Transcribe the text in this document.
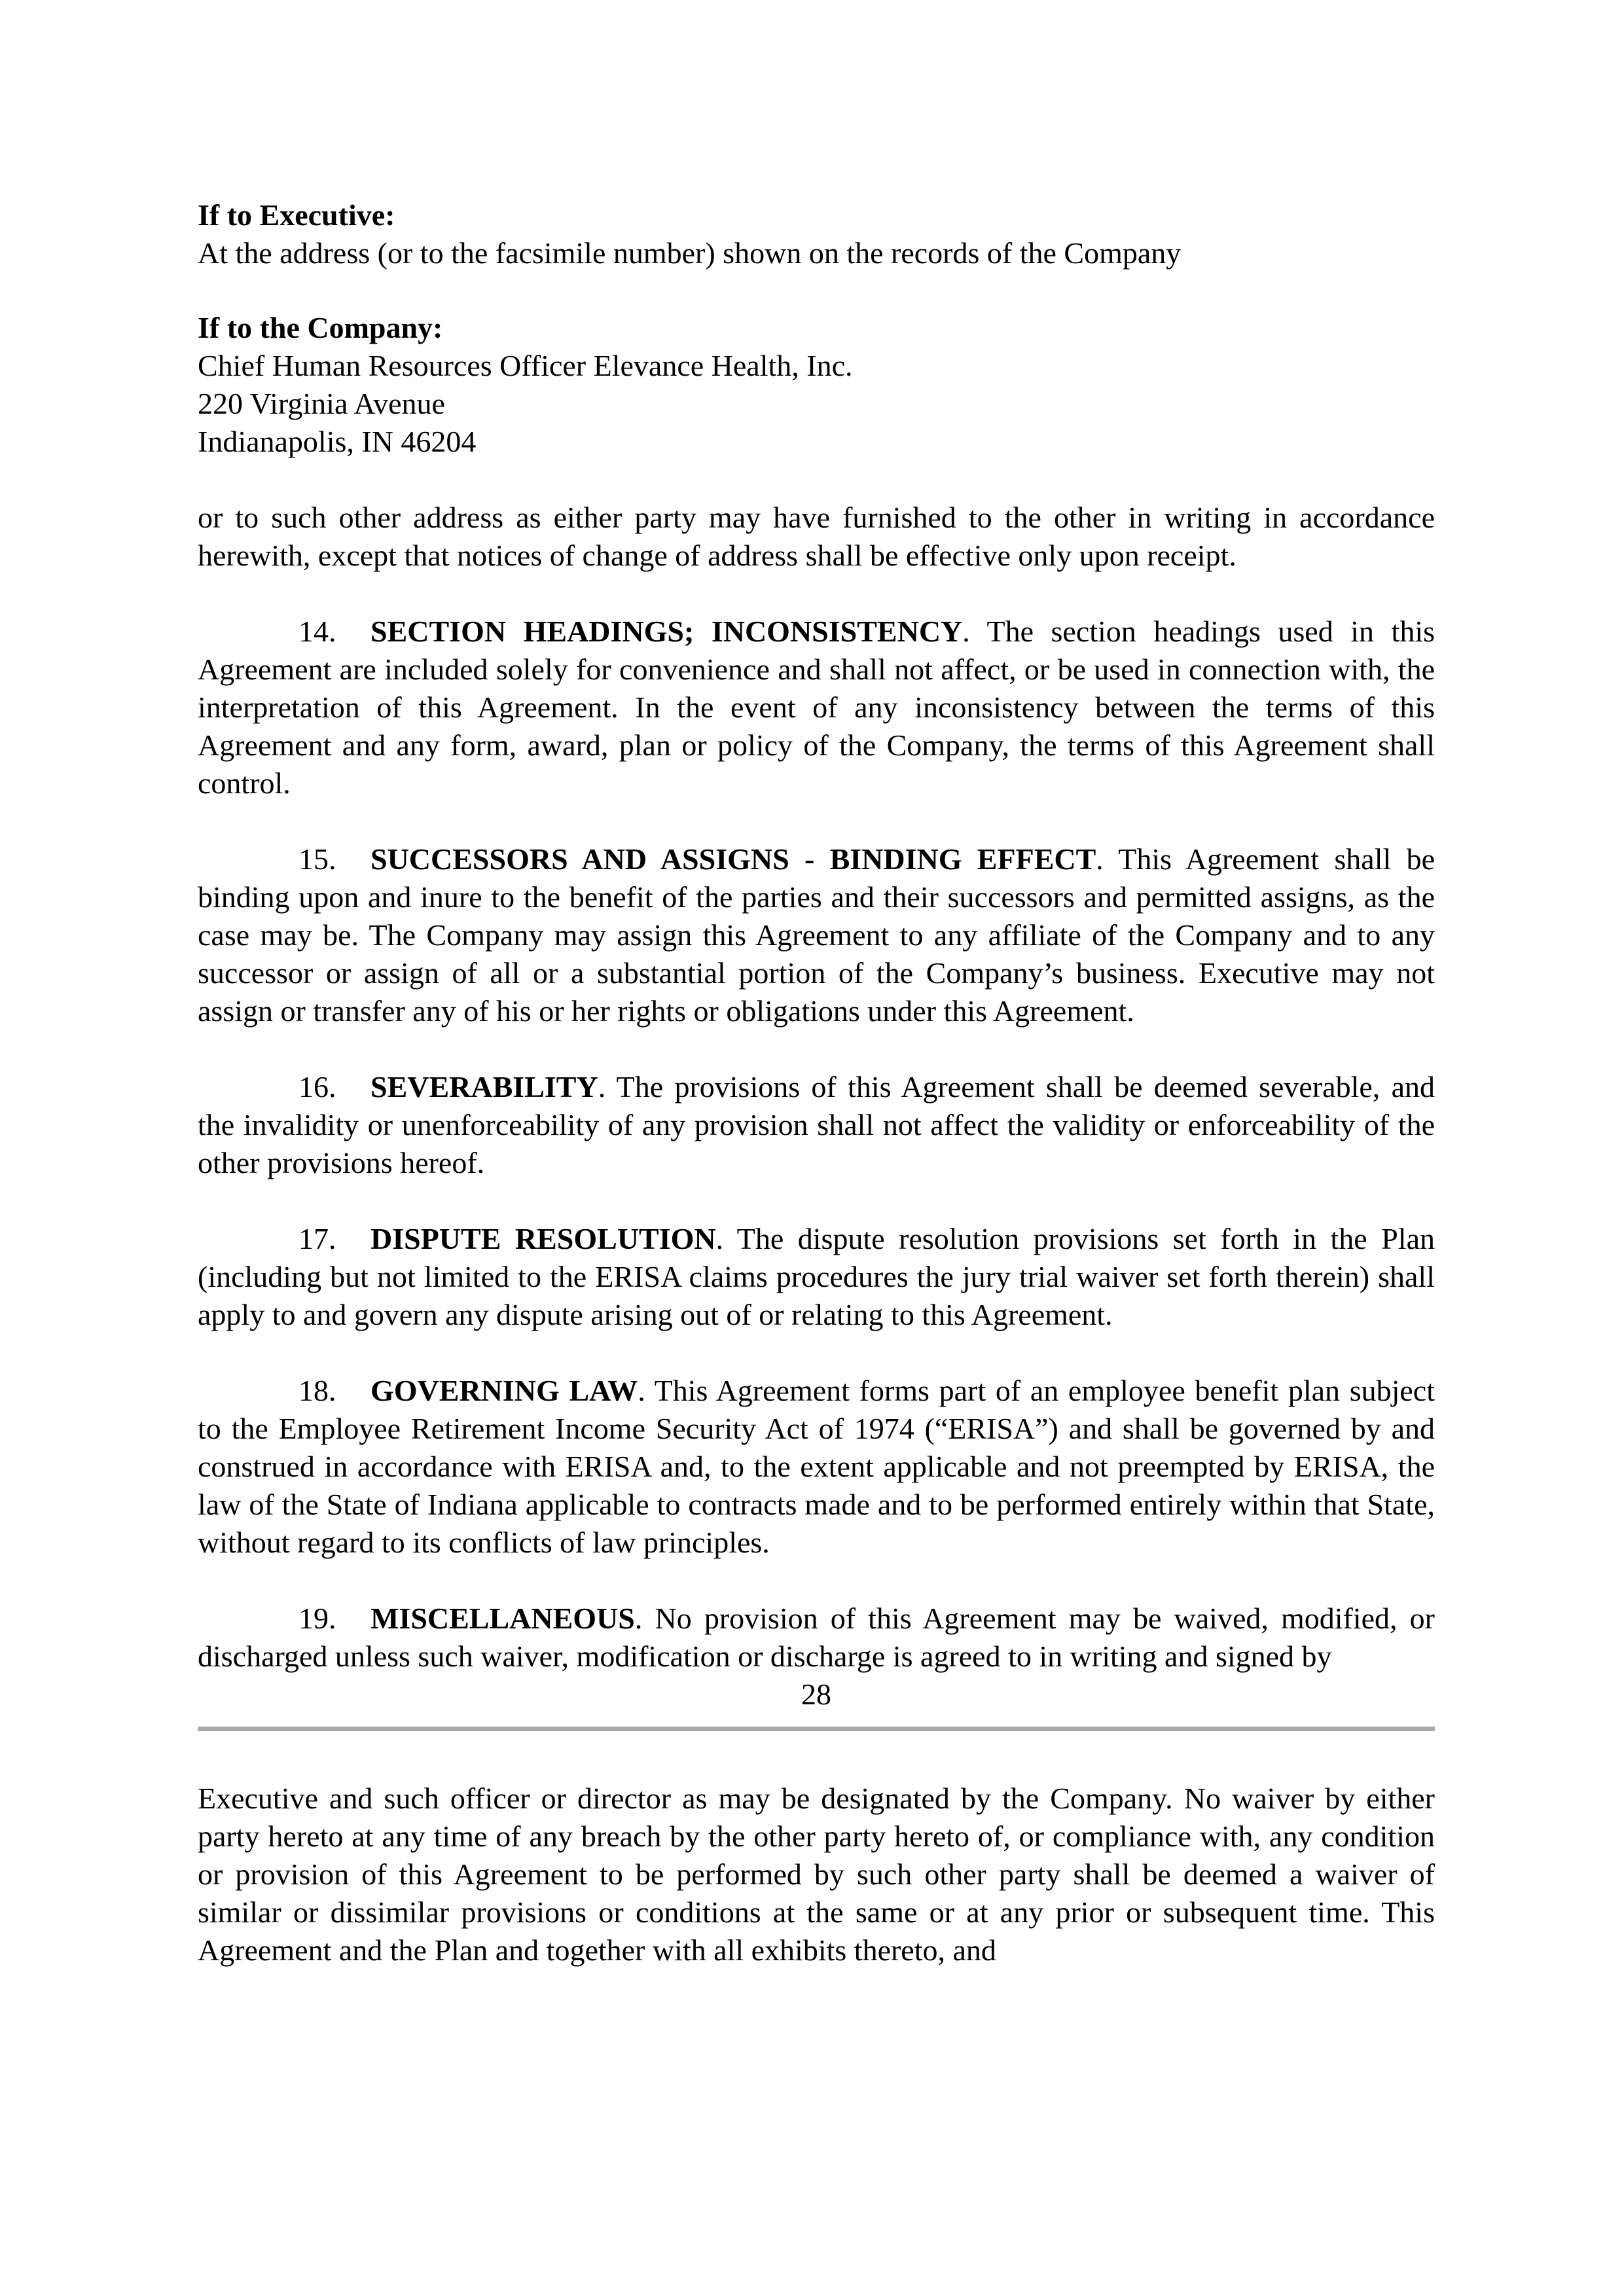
If to Executive:
At the address (or to the facsimile number) shown on the records of the Company
If to the Company:
Chief Human Resources Officer Elevance Health, Inc.
220 Virginia Avenue
Indianapolis, IN 46204

or to such other address as either party may have furnished to the other in writing in accordance herewith, except that notices of change of address shall be effective only upon receipt.

14. SECTION HEADINGS; INCONSISTENCY. The section headings used in this Agreement are included solely for convenience and shall not affect, or be used in connection with, the interpretation of this Agreement. In the event of any inconsistency between the terms of this Agreement and any form, award, plan or policy of the Company, the terms of this Agreement shall control.

15. SUCCESSORS AND ASSIGNS - BINDING EFFECT. This Agreement shall be binding upon and inure to the benefit of the parties and their successors and permitted assigns, as the case may be. The Company may assign this Agreement to any affiliate of the Company and to any successor or assign of all or a substantial portion of the Company’s business. Executive may not assign or transfer any of his or her rights or obligations under this Agreement.

16. SEVERABILITY. The provisions of this Agreement shall be deemed severable, and the invalidity or unenforceability of any provision shall not affect the validity or enforceability of the other provisions hereof.

17. DISPUTE RESOLUTION. The dispute resolution provisions set forth in the Plan (including but not limited to the ERISA claims procedures the jury trial waiver set forth therein) shall apply to and govern any dispute arising out of or relating to this Agreement.

18. GOVERNING LAW. This Agreement forms part of an employee benefit plan subject to the Employee Retirement Income Security Act of 1974 (“ERISA”) and shall be governed by and construed in accordance with ERISA and, to the extent applicable and not preempted by ERISA, the law of the State of Indiana applicable to contracts made and to be performed entirely within that State, without regard to its conflicts of law principles.

19. MISCELLANEOUS. No provision of this Agreement may be waived, modified, or discharged unless such waiver, modification or discharge is agreed to in writing and signed by

28

Executive and such officer or director as may be designated by the Company. No waiver by either party hereto at any time of any breach by the other party hereto of, or compliance with, any condition or provision of this Agreement to be performed by such other party shall be deemed a waiver of similar or dissimilar provisions or conditions at the same or at any prior or subsequent time. This Agreement and the Plan and together with all exhibits thereto, and
